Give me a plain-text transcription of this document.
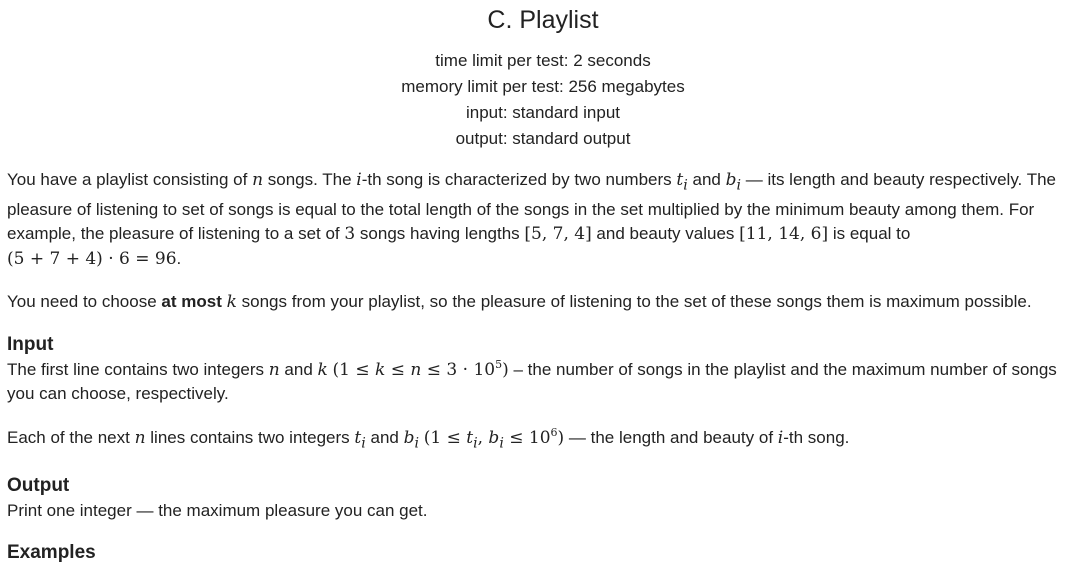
C. Playlist
time limit per test: 2 seconds
memory limit per test: 256 megabytes
input: standard input
output: standard output

You have a playlist consisting of n songs. The i-th song is characterized by two numbers $t_i$ and $b_i$ — its length and beauty respectively. The pleasure of listening to set of songs is equal to the total length of the songs in the set multiplied by the minimum beauty among them. For example, the pleasure of listening to a set of 3 songs having lengths [5, 7, 4] and beauty values [11, 14, 6] is equal to
(5 + 7 + 4) · 6 = 96.

You need to choose at most k songs from your playlist, so the pleasure of listening to the set of these songs them is maximum possible.

Input

The first line contains two integers n and k $(1 \le k \le n \le 3 \cdot 10^5)$ – the number of songs in the playlist and the maximum number of songs you can choose, respectively.

Each of the next n lines contains two integers $t_i$ and $b_i$ ($1 \le t_i$, $b_i \le 10^6$) — the length and beauty of i-th song.

Output

Print one integer — the maximum pleasure you can get.

Examples
